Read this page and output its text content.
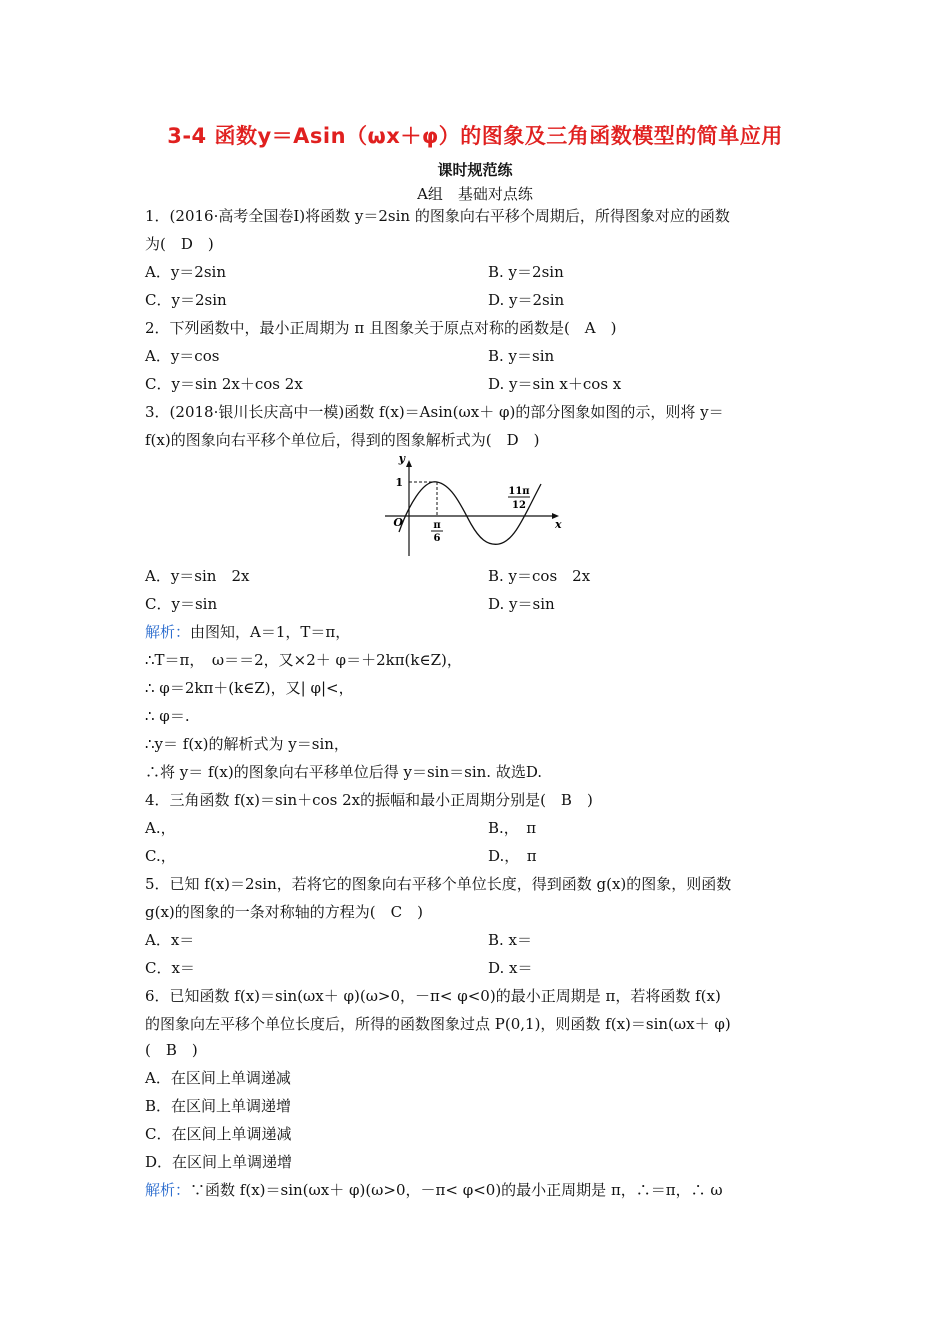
3-4 函数y＝Asin（ωx＋φ）的图象及三角函数模型的简单应用
课时规范练
A组　基础对点练
1．(2016·高考全国卷Ⅰ)将函数 y＝2sin 的图象向右平移个周期后，所得图象对应的函数
为(　D　)
A．y＝2sin	B. y＝2sin
C．y＝2sin	D. y＝2sin
2．下列函数中，最小正周期为 π 且图象关于原点对称的函数是(　A　)
A．y＝cos	B. y＝sin
C．y＝sin 2x＋cos 2x	D. y＝sin x＋cos x
3．(2018·银川长庆高中一模)函数 f(x)＝Asin(ωx＋ φ)的部分图象如图的示，则将 y＝
f(x)的图象向右平移个单位后，得到的图象解析式为(　D　)
y
x
O
1
π
6
11π
12
A．y＝sin　2x	B. y＝cos　2x
C．y＝sin	D. y＝sin
解析：由图知，A＝1，T＝π，
∴T＝π，　ω＝＝2，又×2＋ φ＝＋2kπ(k∈Z)，
∴ φ＝2kπ＋(k∈Z)，又| φ|<，
∴ φ＝.
∴y＝ f(x)的解析式为 y＝sin，
∴将 y＝ f(x)的图象向右平移单位后得 y＝sin＝sin. 故选D.
4．三角函数 f(x)＝sin＋cos 2x的振幅和最小正周期分别是(　B　)
A.，	B.，　π
C.，	D.，　π
5．已知 f(x)＝2sin，若将它的图象向右平移个单位长度，得到函数 g(x)的图象，则函数
g(x)的图象的一条对称轴的方程为(　C　)
A．x＝	B. x＝
C．x＝	D. x＝
6．已知函数 f(x)＝sin(ωx＋ φ)(ω>0，－π< φ<0)的最小正周期是 π，若将函数 f(x)
的图象向左平移个单位长度后，所得的函数图象过点 P(0,1)，则函数 f(x)＝sin(ωx＋ φ)
(　B　)
A．在区间上单调递减
B．在区间上单调递增
C．在区间上单调递减
D．在区间上单调递增
解析：∵函数 f(x)＝sin(ωx＋ φ)(ω>0，－π< φ<0)的最小正周期是 π，∴＝π，∴ ω
